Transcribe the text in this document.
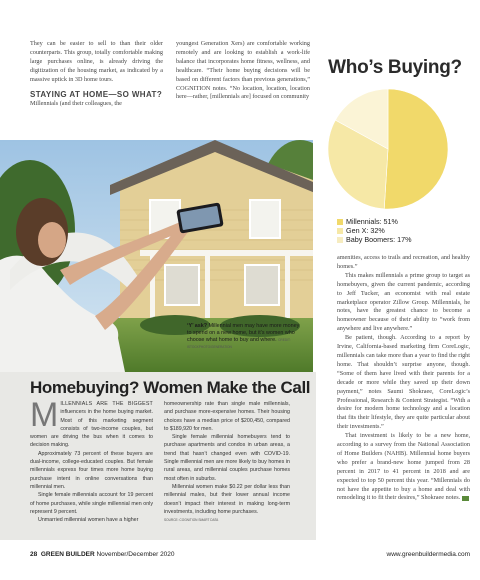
They can be easier to sell to than their older counterparts. This group, totally comfortable making large purchases online, is already driving the digitization of the housing market, as indicated by a massive uptick in 3D home tours.

STAYING AT HOME—SO WHAT?

Millennials (and their colleagues, the

youngest Generation Xers) are comfortable working remotely and are looking to establish a work-life balance that incorporates home fitness, wellness, and healthcare. “Their home buying decisions will be based on different factors than previous generations,” COGNITION notes. “No location, location, location here—rather, [millennials are] focused on community

Who’s Buying?
Millennials: 51%
Gen X: 32%
Baby Boomers: 17%
‘Y’ ask? Millennial men may have more money to spend on a new home, but it’s women who choose what home to buy and where. CREDIT: ISTOCKPHOTO/GENERATION
Homebuying? Women Make the Call

MILLENNIALS ARE THE BIGGEST influencers in the home buying market. Most of this marketing segment consists of two-income couples, but women are driving the bus when it comes to decision making.

Approximately 73 percent of these buyers are dual-income, college-educated couples. But female millennials express four times more home buying purchase intent in online conversations than millennial men.

Single female millennials account for 19 percent of home purchases, while single millennial men only represent 9 percent.

Unmarried millennial women have a higher

homeownership rate than single male millennials, and purchase more-expensive homes. Their housing choices have a median price of $200,450, compared to $189,920 for men.

Single female millennial homebuyers tend to purchase apartments and condos in urban areas, a trend that hasn’t changed even with COVID-19. Single millennial men are more likely to buy homes in rural areas, and millennial couples purchase homes most often in suburbs.

Millennial women make $0.22 per dollar less than millennial males, but their lower annual income doesn’t impact their interest in making long-term investments, including home purchases.

SOURCE: COGNITION SMART DATA

amenities, access to trails and recreation, and healthy homes.”

This makes millennials a prime group to target as homebuyers, given the current pandemic, according to Jeff Tucker, an economist with real estate marketplace operator Zillow Group. Millennials, he notes, have the greatest chance to become a homeowner because of their ability to “work from anywhere and live anywhere.”

Be patient, though. According to a report by Irvine, California-based marketing firm CoreLogic, millennials can take more than a year to find the right home. That shouldn’t surprise anyone, though. “Some of them have lived with their parents for a decade or more while they saved up their down payment,” notes Saumi Shokraee, CoreLogic’s Professional, Research & Content Strategist. “With a desire for modern home technology and a location that fits their lifestyle, they are quite particular about their investments.”

That investment is likely to be a new home, according to a survey from the National Association of Home Builders (NAHB). Millennial home buyers who prefer a brand-new home jumped from 28 percent in 2017 to 41 percent in 2018 and are expected to top 50 percent this year. “Millennials do not have the appetite to buy a home and deal with remodeling it to fit their desires,” Shokraee notes.

28 GREEN BUILDER November/December 2020	www.greenbuildermedia.com
